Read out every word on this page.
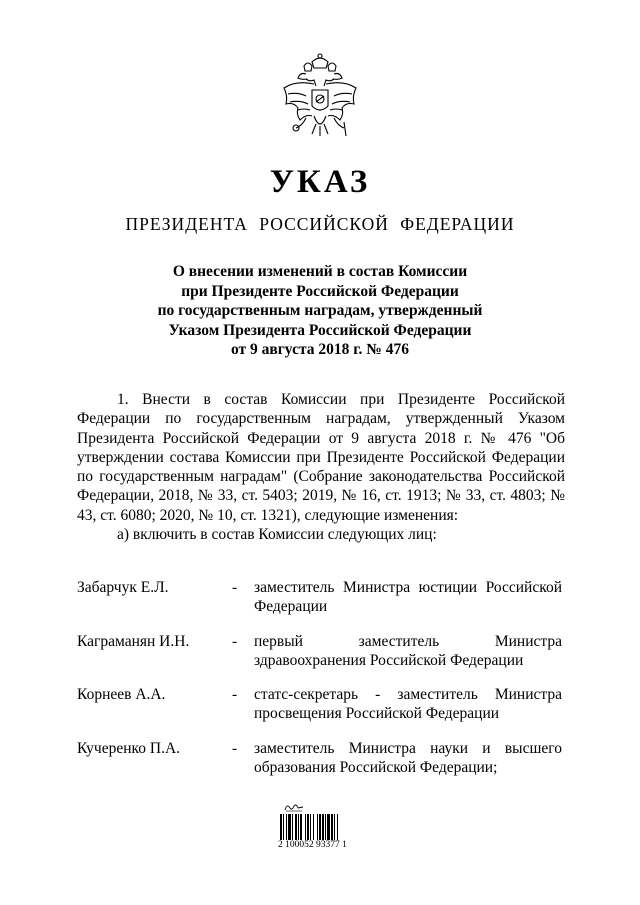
УКАЗ
ПРЕЗИДЕНТА РОССИЙСКОЙ ФЕДЕРАЦИИ
О внесении изменений в состав Комиссии
при Президенте Российской Федерации
по государственным наградам, утвержденный
Указом Президента Российской Федерации
от 9 августа 2018 г. № 476

1. Внести в состав Комиссии при Президенте Российской Федерации по государственным наградам, утвержденный Указом Президента Российской Федерации от 9 августа 2018 г. № 476 "Об утверждении состава Комиссии при Президенте Российской Федерации по государственным наградам" (Собрание законодательства Российской Федерации, 2018, № 33, ст. 5403; 2019, № 16, ст. 1913; № 33, ст. 4803; № 43, ст. 6080; 2020, № 10, ст. 1321), следующие изменения:

а) включить в состав Комиссии следующих лиц:

Забарчук Е.Л.	- заместитель Министра юстиции Российской Федерации
Каграманян И.Н.	- первый заместитель Министра здравоохранения Российской Федерации
Корнеев А.А.	- статс-секретарь - заместитель Министра просвещения Российской Федерации
Кучеренко П.А.	- заместитель Министра науки и высшего образования Российской Федерации;
2 100052 93377 1
